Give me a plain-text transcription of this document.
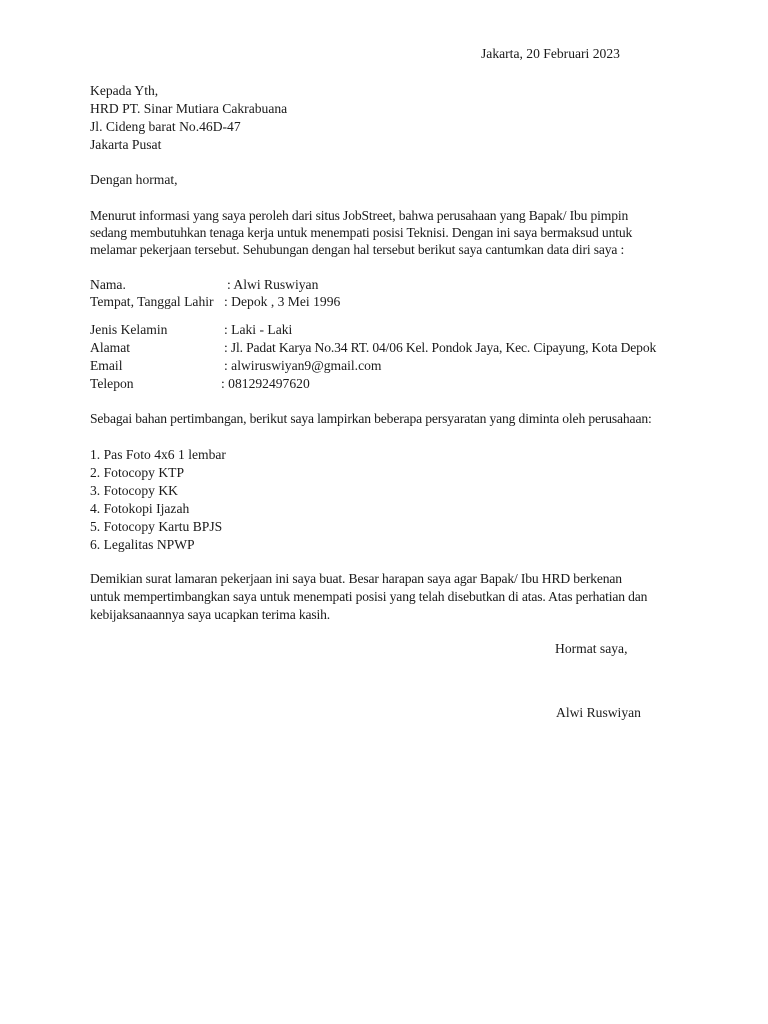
Jakarta, 20 Februari 2023
Kepada Yth,
HRD PT. Sinar Mutiara Cakrabuana
Jl. Cideng barat No.46D-47
Jakarta Pusat
Dengan hormat,
Menurut informasi yang saya peroleh dari situs JobStreet, bahwa perusahaan yang Bapak/ Ibu pimpin
sedang membutuhkan tenaga kerja untuk menempati posisi Teknisi. Dengan ini saya bermaksud untuk
melamar pekerjaan tersebut. Sehubungan dengan hal tersebut berikut saya cantumkan data diri saya :
Nama.	: Alwi Ruswiyan
Tempat, Tanggal Lahir : Depok , 3 Mei 1996
Jenis Kelamin	: Laki - Laki
Alamat	: Jl. Padat Karya No.34 RT. 04/06 Kel. Pondok Jaya, Kec. Cipayung, Kota Depok
Email	: alwiruswiyan9@gmail.com
Telepon	: 081292497620
Sebagai bahan pertimbangan, berikut saya lampirkan beberapa persyaratan yang diminta oleh perusahaan:
1. Pas Foto 4x6 1 lembar
2. Fotocopy KTP
3. Fotocopy KK
4. Fotokopi Ijazah
5. Fotocopy Kartu BPJS
6. Legalitas NPWP
Demikian surat lamaran pekerjaan ini saya buat. Besar harapan saya agar Bapak/ Ibu HRD berkenan
untuk mempertimbangkan saya untuk menempati posisi yang telah disebutkan di atas. Atas perhatian dan
kebijaksanaannya saya ucapkan terima kasih.
Hormat saya,
Alwi Ruswiyan
